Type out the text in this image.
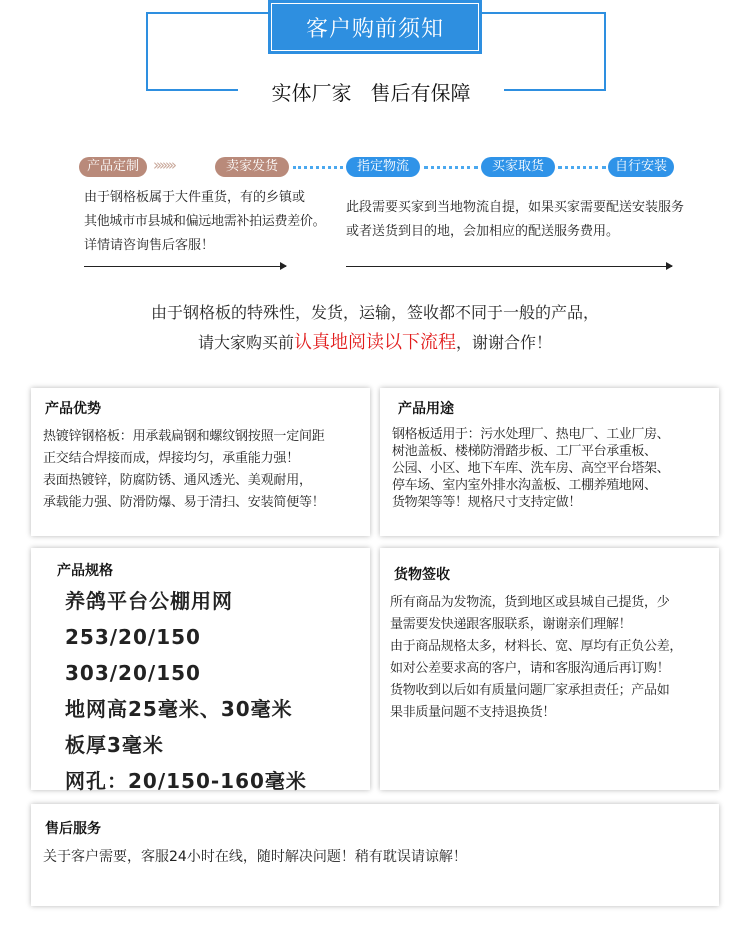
客户购前须知
实体厂家   售后有保障
产品定制 ›››››››	卖家发货	指定物流	买家取货	自行安装
由于钢格板属于大件重货，有的乡镇或
其他城市市县城和偏远地需补拍运费差价。
详情请咨询售后客服！
此段需要买家到当地物流自提，如果买家需要配送安装服务
或者送货到目的地，会加相应的配送服务费用。
由于钢格板的特殊性，发货，运输，签收都不同于一般的产品，
请大家购买前认真地阅读以下流程，谢谢合作！
产品优势
热镀锌钢格板：用承载扁钢和螺纹钢按照一定间距
正交结合焊接而成，焊接均匀，承重能力强！
表面热镀锌，防腐防锈、通风透光、美观耐用，
承载能力强、防滑防爆、易于清扫、安装简便等！
产品用途
钢格板适用于：污水处理厂、热电厂、工业厂房、
树池盖板、楼梯防滑踏步板、工厂平台承重板、
公园、小区、地下车库、洗车房、高空平台塔架、
停车场、室内室外排水沟盖板、工棚养殖地网、
货物架等等！规格尺寸支持定做！
产品规格
养鸽平台公棚用网
253/20/150
303/20/150
地网高25毫米、30毫米
板厚3毫米
网孔：20/150-160毫米
货物签收
所有商品为发物流，货到地区或县城自己提货，少
量需要发快递跟客服联系，谢谢亲们理解！
由于商品规格太多，材料长、宽、厚均有正负公差，
如对公差要求高的客户，请和客服沟通后再订购！
货物收到以后如有质量问题厂家承担责任；产品如
果非质量问题不支持退换货！
售后服务
关于客户需要，客服24小时在线，随时解决问题！稍有耽误请谅解！
